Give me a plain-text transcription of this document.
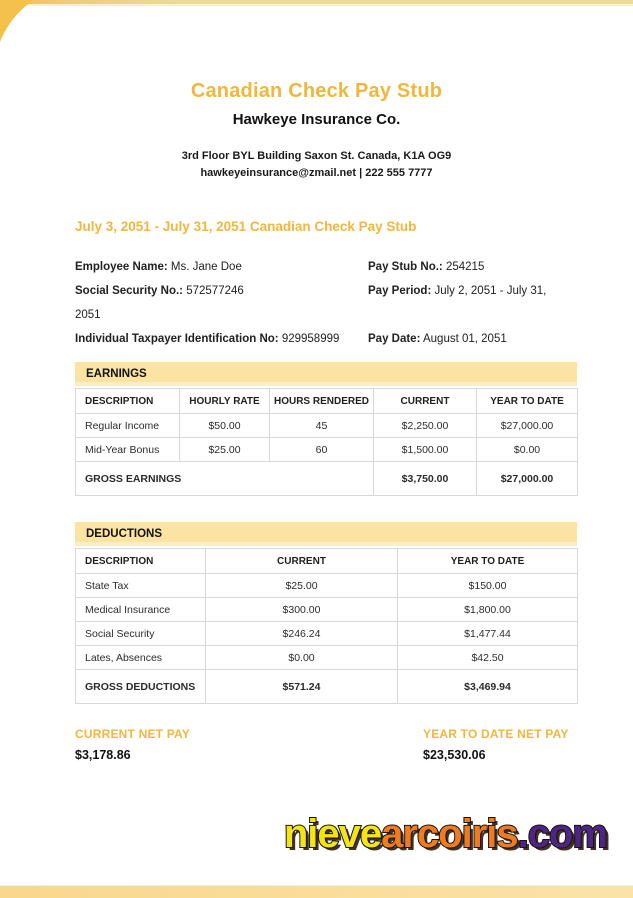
Canadian Check Pay Stub
Hawkeye Insurance Co.
3rd Floor BYL Building Saxon St. Canada, K1A OG9
hawkeyeinsurance@zmail.net | 222 555 7777
July 3, 2051 - July 31, 2051 Canadian Check Pay Stub
Employee Name: Ms. Jane Doe	Pay Stub No.: 254215
Social Security No.: 572577246	Pay Period: July 2, 2051 - July 31,
2051
Individual Taxpayer Identification No: 929958999	Pay Date: August 01, 2051
EARNINGS
DESCRIPTION	HOURLY RATE	HOURS RENDERED	CURRENT	YEAR TO DATE
Regular Income	$50.00	45	$2,250.00	$27,000.00
Mid-Year Bonus	$25.00	60	$1,500.00	$0.00
GROSS EARNINGS			$3,750.00	$27,000.00
DEDUCTIONS
DESCRIPTION	CURRENT	YEAR TO DATE
State Tax	$25.00	$150.00
Medical Insurance	$300.00	$1,800.00
Social Security	$246.24	$1,477.44
Lates, Absences	$0.00	$42.50
GROSS DEDUCTIONS	$571.24	$3,469.94
CURRENT NET PAY
$3,178.86
YEAR TO DATE NET PAY
$23,530.06
nievearcoiris.com
